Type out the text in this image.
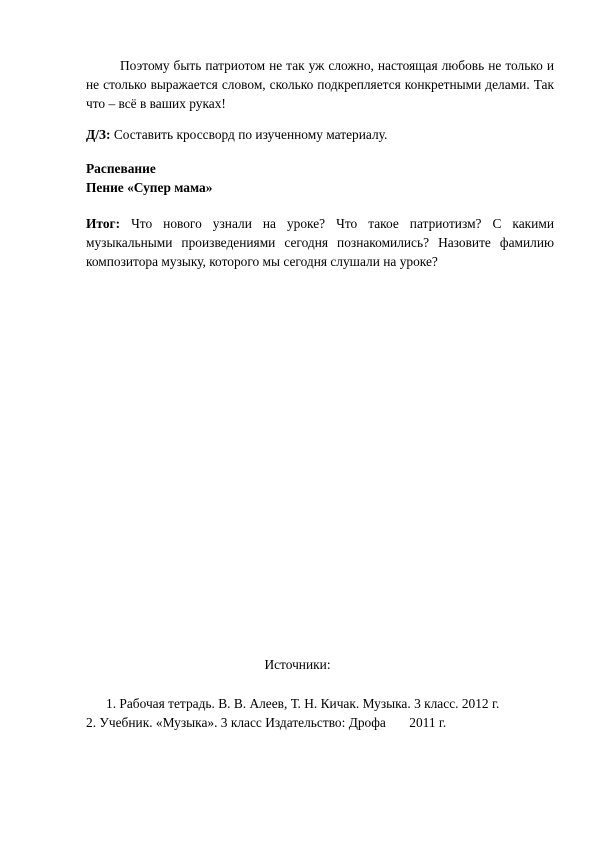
Поэтому быть патриотом не так уж сложно, настоящая любовь не только и не столько выражается словом, сколько подкрепляется конкретными делами. Так что – всё в ваших руках!

Д/З: Составить кроссворд по изученному материалу.

Распевание

Пение «Супер мама»

Итог: Что нового узнали на уроке? Что такое патриотизм? С какими музыкальными произведениями сегодня познакомились? Назовите фамилию композитора музыку, которого мы сегодня слушали на уроке?

Источники:

1. Рабочая тетрадь. В. В. Алеев, Т. Н. Кичак. Музыка. 3 класс. 2012 г.

2. Учебник. «Музыка». 3 класс Издательство: Дрофа       2011 г.
